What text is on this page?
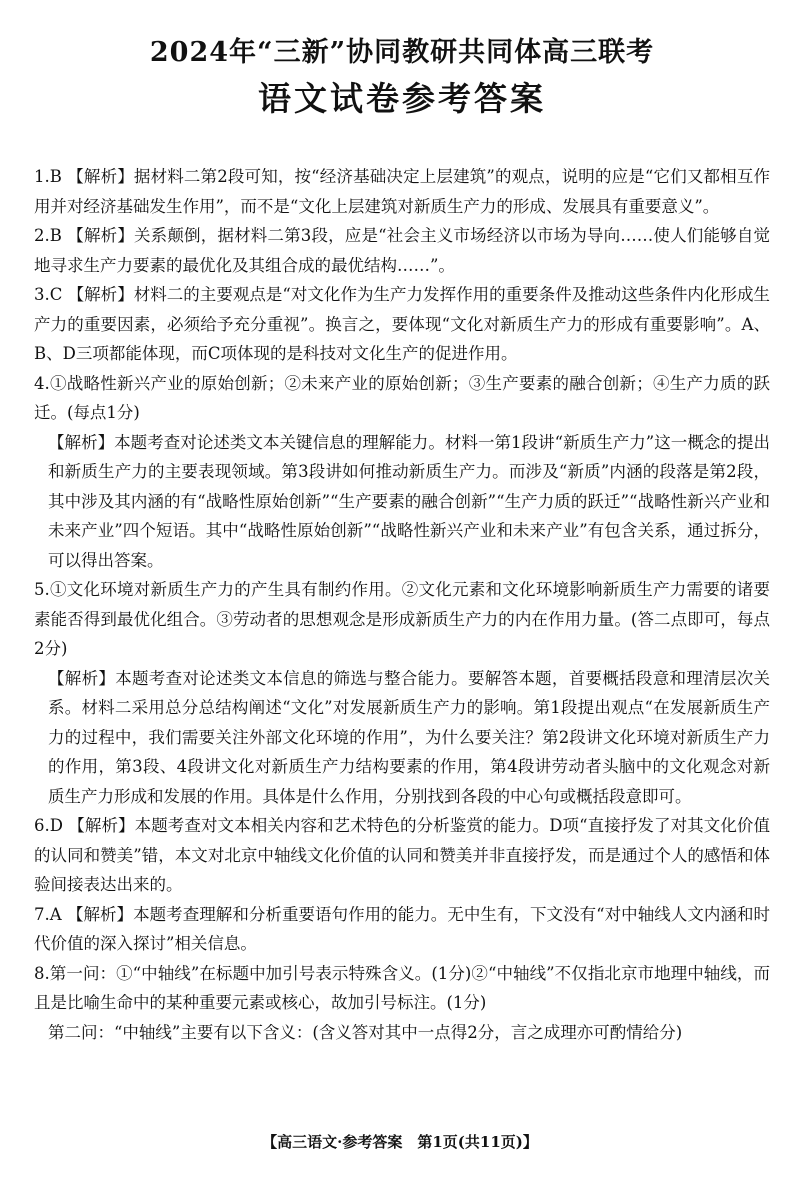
2024年“三新”协同教研共同体高三联考
语文试卷参考答案

1.B 【解析】据材料二第2段可知，按“经济基础决定上层建筑”的观点，说明的应是“它们又都相互作用并对经济基础发生作用”，而不是“文化上层建筑对新质生产力的形成、发展具有重要意义”。

2.B 【解析】关系颠倒，据材料二第3段，应是“社会主义市场经济以市场为导向……使人们能够自觉地寻求生产力要素的最优化及其组合成的最优结构……”。

3.C 【解析】材料二的主要观点是“对文化作为生产力发挥作用的重要条件及推动这些条件内化形成生产力的重要因素，必须给予充分重视”。换言之，要体现“文化对新质生产力的形成有重要影响”。A、B、D三项都能体现，而C项体现的是科技对文化生产的促进作用。

4.①战略性新兴产业的原始创新；②未来产业的原始创新；③生产要素的融合创新；④生产力质的跃迁。(每点1分)

【解析】本题考查对论述类文本关键信息的理解能力。材料一第1段讲“新质生产力”这一概念的提出和新质生产力的主要表现领域。第3段讲如何推动新质生产力。而涉及“新质”内涵的段落是第2段，其中涉及其内涵的有“战略性原始创新”“生产要素的融合创新”“生产力质的跃迁”“战略性新兴产业和未来产业”四个短语。其中“战略性原始创新”“战略性新兴产业和未来产业”有包含关系，通过拆分，可以得出答案。

5.①文化环境对新质生产力的产生具有制约作用。②文化元素和文化环境影响新质生产力需要的诸要素能否得到最优化组合。③劳动者的思想观念是形成新质生产力的内在作用力量。(答二点即可，每点2分)

【解析】本题考查对论述类文本信息的筛选与整合能力。要解答本题，首要概括段意和理清层次关系。材料二采用总分总结构阐述“文化”对发展新质生产力的影响。第1段提出观点“在发展新质生产力的过程中，我们需要关注外部文化环境的作用”，为什么要关注？第2段讲文化环境对新质生产力的作用，第3段、4段讲文化对新质生产力结构要素的作用，第4段讲劳动者头脑中的文化观念对新质生产力形成和发展的作用。具体是什么作用，分别找到各段的中心句或概括段意即可。

6.D 【解析】本题考查对文本相关内容和艺术特色的分析鉴赏的能力。D项“直接抒发了对其文化价值的认同和赞美”错，本文对北京中轴线文化价值的认同和赞美并非直接抒发，而是通过个人的感悟和体验间接表达出来的。

7.A 【解析】本题考查理解和分析重要语句作用的能力。无中生有，下文没有“对中轴线人文内涵和时代价值的深入探讨”相关信息。

8.第一问：①“中轴线”在标题中加引号表示特殊含义。(1分)②“中轴线”不仅指北京市地理中轴线，而且是比喻生命中的某种重要元素或核心，故加引号标注。(1分)

第二问：“中轴线”主要有以下含义：(含义答对其中一点得2分，言之成理亦可酌情给分)

【高三语文·参考答案　第1页(共11页)】
